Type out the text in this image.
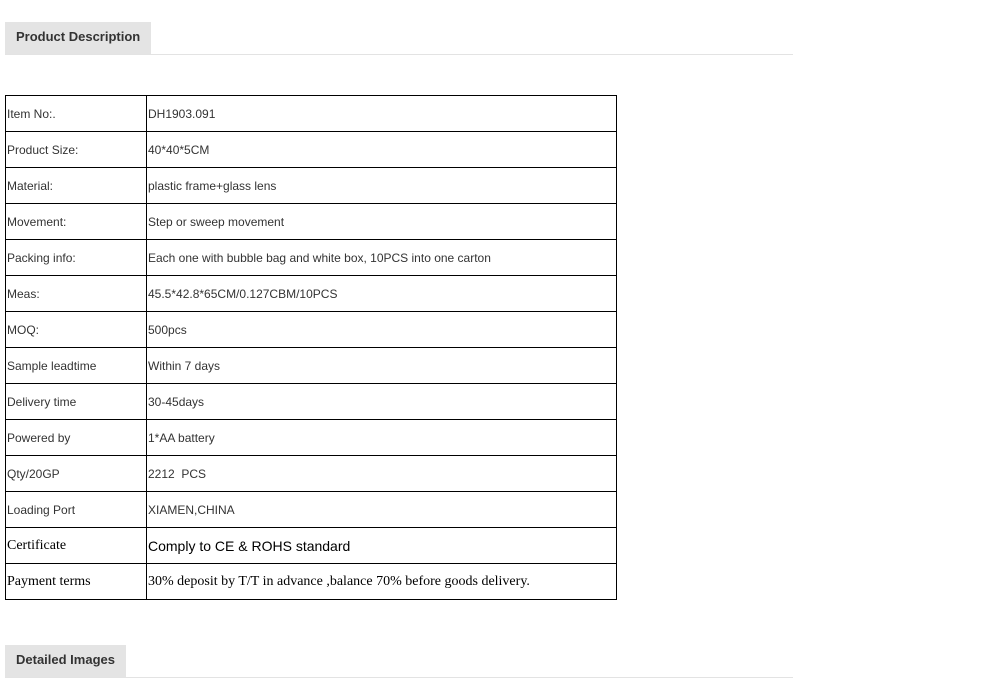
Product Description
Item No:.	DH1903.091
Product Size:	40*40*5CM
Material:	plastic frame+glass lens
Movement:	Step or sweep movement
Packing info:	Each one with bubble bag and white box, 10PCS into one carton
Meas:	45.5*42.8*65CM/0.127CBM/10PCS
MOQ:	500pcs
Sample leadtime	Within 7 days
Delivery time	30-45days
Powered by	1*AA battery
Qty/20GP	2212  PCS
Loading Port	XIAMEN,CHINA
Certificate	Comply to CE & ROHS standard
Payment terms	30% deposit by T/T in advance ,balance 70% before goods delivery.
Detailed Images
